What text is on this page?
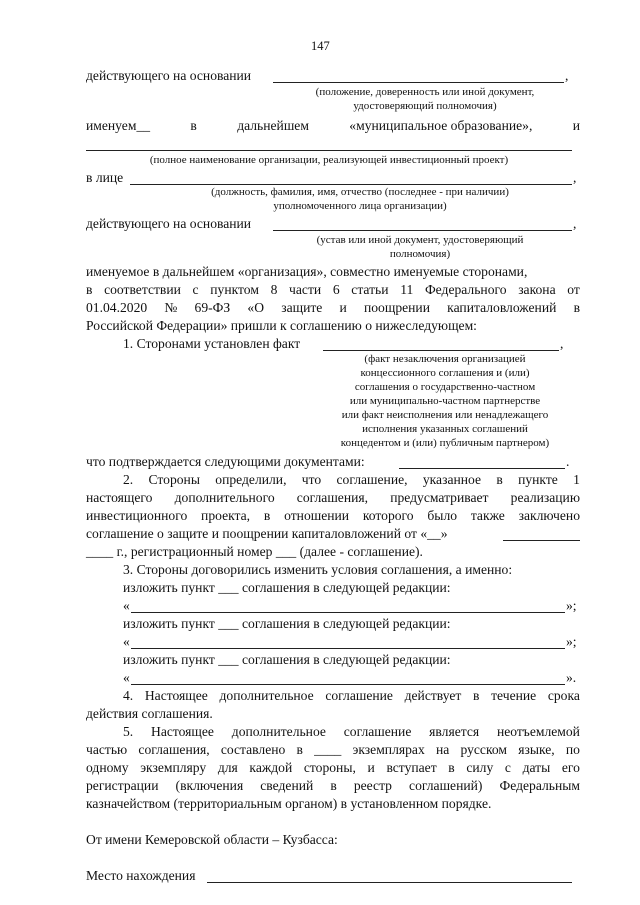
147
действующего на основании	,
(положение, доверенность или иной документ,
удостоверяющий полномочия)
именуем__	в	дальнейшем	«муниципальное образование»,	и
(полное наименование организации, реализующей инвестиционный проект)
в лице	,
(должность, фамилия, имя, отчество (последнее - при наличии)
уполномоченного лица организации)
действующего на основании	,
(устав или иной документ, удостоверяющий
полномочия)
именуемое в дальнейшем «организация», совместно именуемые сторонами,
в соответствии с пунктом 8 части 6 статьи 11 Федерального закона от
01.04.2020 № 69-ФЗ «О защите и поощрении капиталовложений в
Российской Федерации» пришли к соглашению о нижеследующем:
1. Сторонами установлен факт	,
(факт незаключения организацией
концессионного соглашения и (или)
соглашения о государственно-частном
или муниципально-частном партнерстве
или факт неисполнения или ненадлежащего
исполнения указанных соглашений
концедентом и (или) публичным партнером)
что подтверждается следующими документами:	.
2. Стороны определили, что соглашение, указанное в пункте 1
настоящего дополнительного соглашения, предусматривает реализацию
инвестиционного проекта, в отношении которого было также заключено
соглашение о защите и поощрении капиталовложений от «__»
____ г., регистрационный номер ___ (далее - соглашение).
3. Стороны договорились изменить условия соглашения, а именно:
изложить пункт ___ соглашения в следующей редакции:
«	»;
изложить пункт ___ соглашения в следующей редакции:
«	»;
изложить пункт ___ соглашения в следующей редакции:
«	».
4. Настоящее дополнительное соглашение действует в течение срока
действия соглашения.
5. Настоящее дополнительное соглашение является неотъемлемой
частью соглашения, составлено в ____ экземплярах на русском языке, по
одному экземпляру для каждой стороны, и вступает в силу с даты его
регистрации (включения сведений в реестр соглашений) Федеральным
казначейством (территориальным органом) в установленном порядке.
От имени Кемеровской области – Кузбасса:
Место нахождения
